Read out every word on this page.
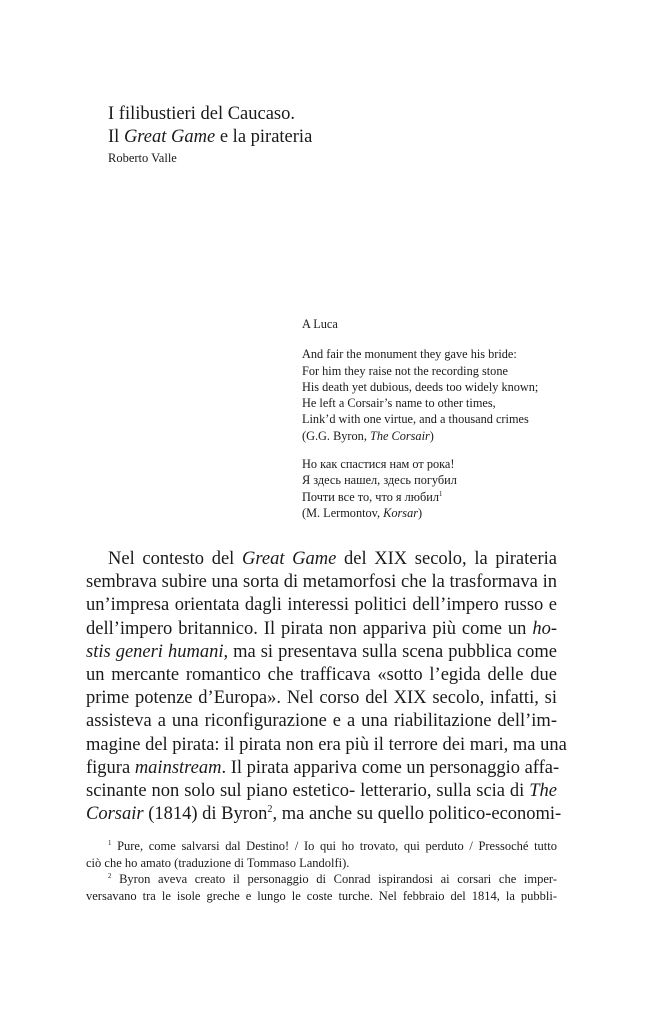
I filibustieri del Caucaso.
Il Great Game e la pirateria
Roberto Valle
A Luca
And fair the monument they gave his bride:
For him they raise not the recording stone
His death yet dubious, deeds too widely known;
He left a Corsair’s name to other times,
Link’d with one virtue, and a thousand crimes
(G.G. Byron, The Corsair)
Но как спастися нам от рока!
Я здесь нашел, здесь погубил
Почти все то, что я любил$^1$
(M. Lermontov, Korsar)
Nel contesto del Great Game del XIX secolo, la pirateria
sembrava subire una sorta di metamorfosi che la trasformava in
un’impresa orientata dagli interessi politici dell’impero russo e
dell’impero britannico. Il pirata non appariva più come un ho-
stis generi humani, ma si presentava sulla scena pubblica come
un mercante romantico che trafficava «sotto l’egida delle due
prime potenze d’Europa». Nel corso del XIX secolo, infatti, si
assisteva a una riconfigurazione e a una riabilitazione dell’im-
magine del pirata: il pirata non era più il terrore dei mari, ma una
figura mainstream. Il pirata appariva come un personaggio affa-
scinante non solo sul piano estetico- letterario, sulla scia di The
Corsair (1814) di Byron$^2$, ma anche su quello politico-economi-
$^1$ Pure, come salvarsi dal Destino! / Io qui ho trovato, qui perduto / Pressoché tutto
ciò che ho amato (traduzione di Tommaso Landolfi).
$^2$ Byron aveva creato il personaggio di Conrad ispirandosi ai corsari che imper-
versavano tra le isole greche e lungo le coste turche. Nel febbraio del 1814, la pubbli-
